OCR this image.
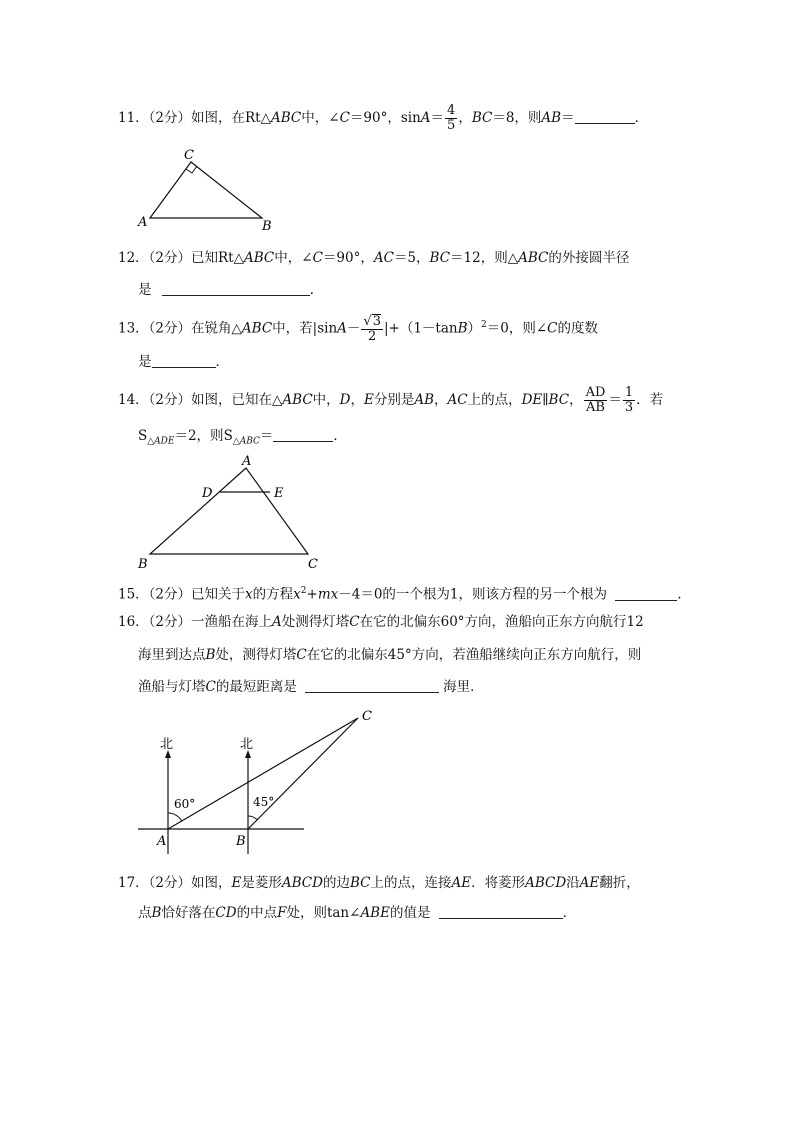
11．（2分）如图，在Rt△ABC中，∠C＝90°，$\sin A= \frac{4}{5}$ ，BC＝8，则AB＝	．
A	B
C
12．（2分）已知Rt△ABC中，∠C＝90°，AC＝5，BC＝12，则△ABC的外接圆半径
是	．
13．（2分）在锐角△ABC中，若$|\sin A- \frac{√3}{2} |+(1-\tan B)^2=0$，则∠C的度数
是	．
14．（2分）如图，已知在△ABC中，D，E分别是AB，AC上的点，DE∥BC， $\frac{AD}{AB} = \frac{1}{3}$ ．若
$S_{\triangle ADE}=2$，则$S_{\triangle ABC}=$	．
A
B	C
D	E
15．（2分）已知关于x的方程$x^2+mx-4=0$的一个根为1，则该方程的另一个根为	．
16．（2分）一渔船在海上A处测得灯塔C在它的北偏东60°方向，渔船向正东方向航行12
海里到达点B处，测得灯塔C在它的北偏东45°方向，若渔船继续向正东方向航行，则
渔船与灯塔C的最短距离是	海里．
北	北
60°	45°
A	B
C
17．（2分）如图，E是菱形ABCD的边BC上的点，连接AE．将菱形ABCD沿AE翻折，
点B恰好落在CD的中点F处，则tan∠ABE的值是	．
